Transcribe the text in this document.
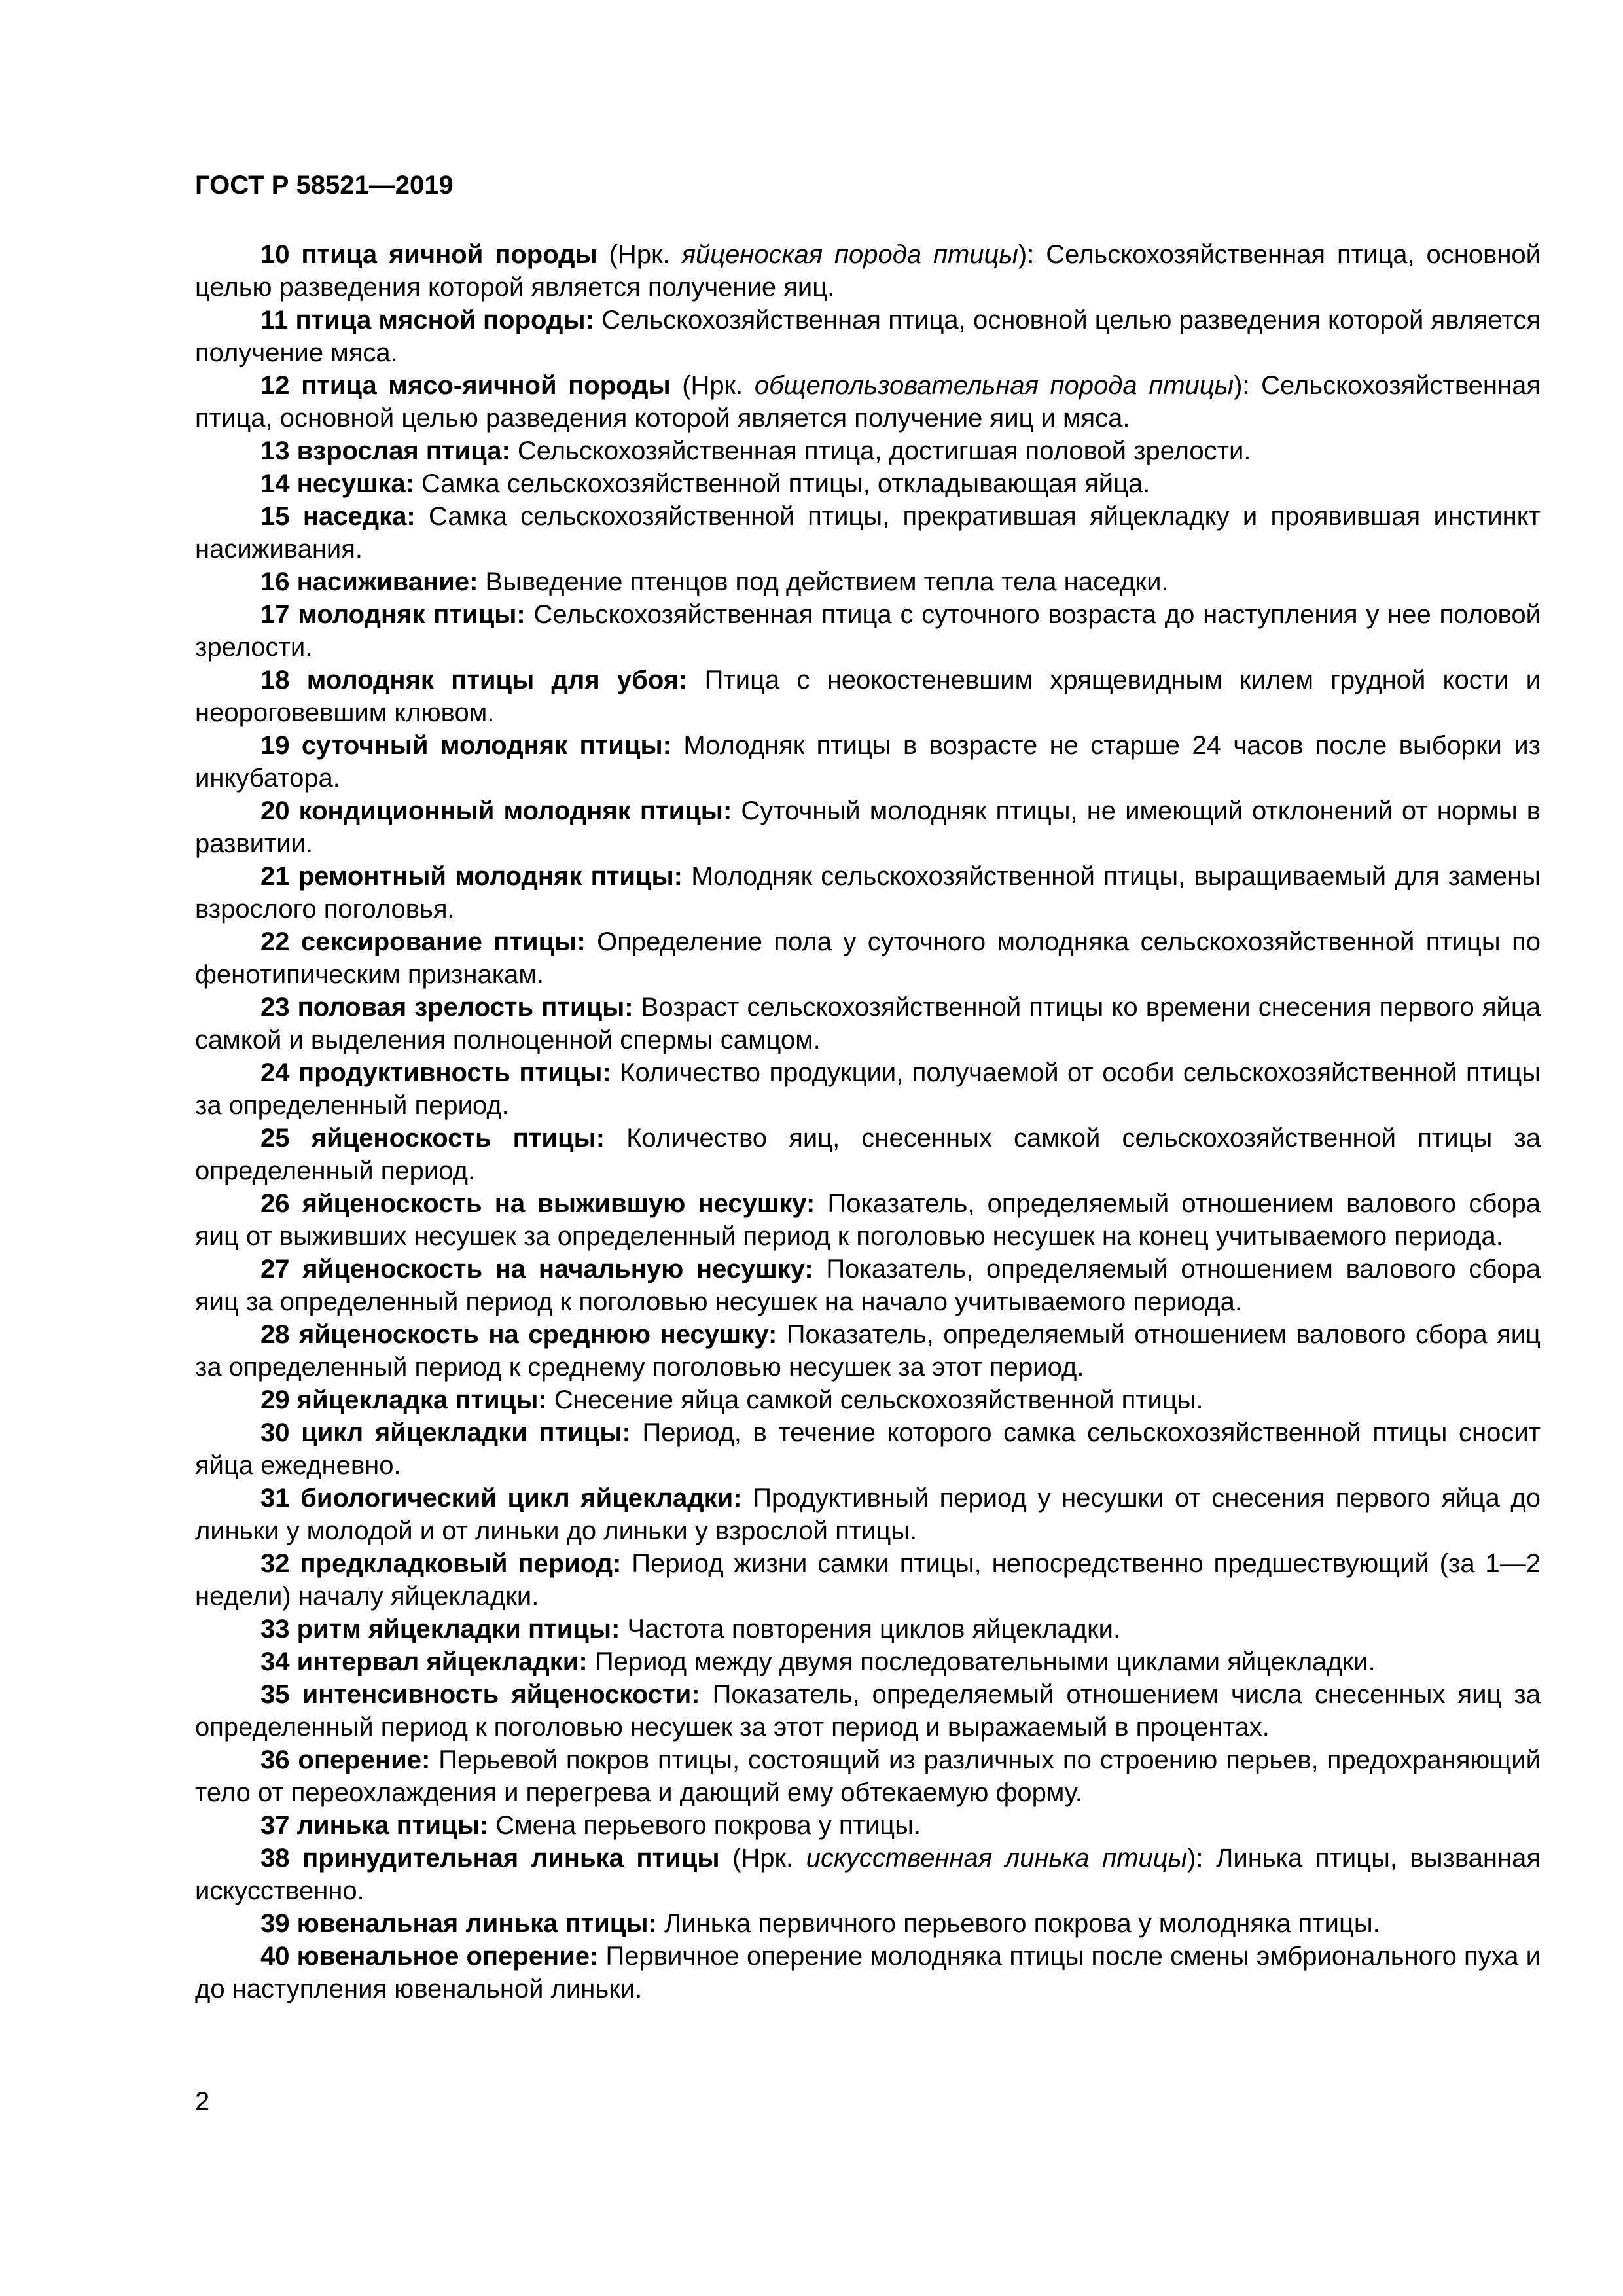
ГОСТ Р 58521—2019

10 птица яичной породы (Нрк. яйценоская порода птицы): Сельскохозяйственная птица, основной целью разведения которой является получение яиц.

11 птица мясной породы: Сельскохозяйственная птица, основной целью разведения которой является получение мяса.

12 птица мясо-яичной породы (Нрк. общепользовательная порода птицы): Сельскохозяйственная птица, основной целью разведения которой является получение яиц и мяса.

13 взрослая птица: Сельскохозяйственная птица, достигшая половой зрелости.

14 несушка: Самка сельскохозяйственной птицы, откладывающая яйца.

15 наседка: Самка сельскохозяйственной птицы, прекратившая яйцекладку и проявившая инстинкт насиживания.

16 насиживание: Выведение птенцов под действием тепла тела наседки.

17 молодняк птицы: Сельскохозяйственная птица с суточного возраста до наступления у нее половой зрелости.

18 молодняк птицы для убоя: Птица с неокостеневшим хрящевидным килем грудной кости и неороговевшим клювом.

19 суточный молодняк птицы: Молодняк птицы в возрасте не старше 24 часов после выборки из инкубатора.

20 кондиционный молодняк птицы: Суточный молодняк птицы, не имеющий отклонений от нормы в развитии.

21 ремонтный молодняк птицы: Молодняк сельскохозяйственной птицы, выращиваемый для замены взрослого поголовья.

22 сексирование птицы: Определение пола у суточного молодняка сельскохозяйственной птицы по фенотипическим признакам.

23 половая зрелость птицы: Возраст сельскохозяйственной птицы ко времени снесения первого яйца самкой и выделения полноценной спермы самцом.

24 продуктивность птицы: Количество продукции, получаемой от особи сельскохозяйственной птицы за определенный период.

25 яйценоскость птицы: Количество яиц, снесенных самкой сельскохозяйственной птицы за определенный период.

26 яйценоскость на выжившую несушку: Показатель, определяемый отношением валового сбора яиц от выживших несушек за определенный период к поголовью несушек на конец учитываемого периода.

27 яйценоскость на начальную несушку: Показатель, определяемый отношением валового сбора яиц за определенный период к поголовью несушек на начало учитываемого периода.

28 яйценоскость на среднюю несушку: Показатель, определяемый отношением валового сбора яиц за определенный период к среднему поголовью несушек за этот период.

29 яйцекладка птицы: Снесение яйца самкой сельскохозяйственной птицы.

30 цикл яйцекладки птицы: Период, в течение которого самка сельскохозяйственной птицы сносит яйца ежедневно.

31 биологический цикл яйцекладки: Продуктивный период у несушки от снесения первого яйца до линьки у молодой и от линьки до линьки у взрослой птицы.

32 предкладковый период: Период жизни самки птицы, непосредственно предшествующий (за 1—2 недели) началу яйцекладки.

33 ритм яйцекладки птицы: Частота повторения циклов яйцекладки.

34 интервал яйцекладки: Период между двумя последовательными циклами яйцекладки.

35 интенсивность яйценоскости: Показатель, определяемый отношением числа снесенных яиц за определенный период к поголовью несушек за этот период и выражаемый в процентах.

36 оперение: Перьевой покров птицы, состоящий из различных по строению перьев, предохраняющий тело от переохлаждения и перегрева и дающий ему обтекаемую форму.

37 линька птицы: Смена перьевого покрова у птицы.

38 принудительная линька птицы (Нрк. искусственная линька птицы): Линька птицы, вызванная искусственно.

39 ювенальная линька птицы: Линька первичного перьевого покрова у молодняка птицы.

40 ювенальное оперение: Первичное оперение молодняка птицы после смены эмбрионального пуха и до наступления ювенальной линьки.

2
